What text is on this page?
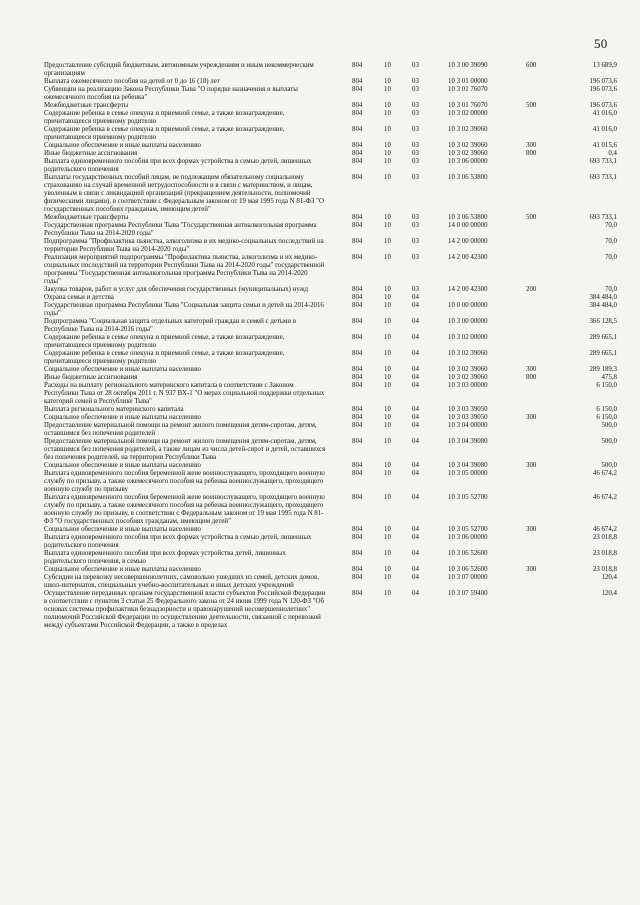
50
Предоставление субсидий бюджетным, автономным учреждениям и иным некоммерческим организациям
804	10	03	10 3 00 39090	600	13 689,9
Выплата ежемесячного пособия на детей от 0 до 16 (18) лет	804	10	03	10 3 01 00000	196 073,6
Субвенции на реализацию Закона Республики Тыва "О порядке назначения и выплаты ежемесячного пособия на ребенка"
804	10	03	10 3 01 76070	196 073,6
Межбюджетные трансферты	804	10	03	10 3 01 76070	500	196 073,6
Содержание ребенка в семье опекуна и приемной семье, а также вознаграждение, причитающееся приемному родителю
804	10	03	10 3 02 00000	41 016,0
Содержание ребенка в семье опекуна и приемной семье, а также вознаграждение, причитающееся приемному родителю
804	10	03	10 3 02 39060	41 016,0
Социальное обеспечение и иные выплаты населению	804	10	03	10 3 02 39060	300	41 015,6
Иные бюджетные ассигнования	804	10	03	10 3 02 39060	800	0,4
Выплата единовременного пособия при всех формах устройства в семью детей, лишенных родительского попечения
804	10	03	10 3 06 00000	693 733,1
Выплаты государственных пособий лицам, не подлежащим обязательному социальному страхованию на случай временной нетрудоспособности и в связи с материнством, и лицам, уволенным в связи с ликвидацией организаций (прекращением деятельности, полномочий физическими лицами), в соответствии с Федеральным законом от 19 мая 1995 года N 81-ФЗ "О государственных пособиях гражданам, имеющим детей"
804	10	03	10 3 06 53800	693 733,1
Межбюджетные трансферты	804	10	03	10 3 06 53800	500	693 733,1
Государственная программа Республики Тыва "Государственная антиалкогольная программа Республики Тыва на 2014-2020 годы"
804	10	03	14 0 00 00000	70,0
Подпрограмма "Профилактика пьянства, алкоголизма и их медико-социальных последствий на территории Республики Тыва на 2014-2020 годы"
804	10	03	14 2 00 00000	70,0
Реализация мероприятий подпрограммы "Профилактика пьянства, алкоголизма и их медико-социальных последствий на территории Республики Тыва на 2014-2020 годы" государственной программы "Государственная антиалкогольная программа Республики Тыва на 2014-2020 годы"
804	10	03	14 2 00 42300	70,0
Закупка товаров, работ и услуг для обеспечения государственных (муниципальных) нужд	804	10	03	14 2 00 42300	200	70,0
Охрана семьи и детства	804	10	04	384 484,0
Государственная программа Республики Тыва "Социальная защита семьи и детей на 2014-2016 годы"
804	10	04	10 0 00 00000	384 484,0
Подпрограмма "Социальная защита отдельных категорий граждан и семей с детьми в Республике Тыва на 2014-2016 годы"
804	10	04	10 3 00 00000	366 128,5
Содержание ребенка в семье опекуна и приемной семье, а также вознаграждение, причитающееся приемному родителю
804	10	04	10 3 02 00000	289 665,1
Содержание ребенка в семье опекуна и приемной семье, а также вознаграждение, причитающееся приемному родителю
804	10	04	10 3 02 39060	289 665,1
Социальное обеспечение и иные выплаты населению	804	10	04	10 3 02 39060	300	289 189,3
Иные бюджетные ассигнования	804	10	04	10 3 02 39060	800	475,8
Расходы на выплату регионального материнского капитала в соответствии с Законом Республики Тыва от 28 октября 2011 г. N 937 ВХ-1 "О мерах социальной поддержки отдельных категорий семей в Республике Тыва"
804	10	04	10 3 03 00000	6 150,0
Выплата регионального материнского капитала	804	10	04	10 3 03 39050	6 150,0
Социальное обеспечение и иные выплаты населению	804	10	04	10 3 03 39050	300	6 150,0
Предоставление материальной помощи на ремонт жилого помещения детям-сиротам, детям, оставшимся без попечения родителей
804	10	04	10 3 04 00000	500,0
Предоставление материальной помощи на ремонт жилого помещения детям-сиротам, детям, оставшимся без попечения родителей, а также лицам из числа детей-сирот и детей, оставшихся без попечения родителей, на территории Республики Тыва
804	10	04	10 3 04 39080	500,0
Социальное обеспечение и иные выплаты населению	804	10	04	10 3 04 39080	300	500,0
Выплата единовременного пособия беременной жене военнослужащего, проходящего военную службу по призыву, а также ежемесячного пособия на ребенка военнослужащего, проходящего военную службу по призыву
804	10	04	10 3 05 00000	46 674,2
Выплата единовременного пособия беременной жене военнослужащего, проходящего военную службу по призыву, а также ежемесячного пособия на ребенка военнослужащего, проходящего военную службу по призыву, в соответствии с Федеральным законом от 19 мая 1995 года N 81-ФЗ "О государственных пособиях гражданам, имеющим детей"
804	10	04	10 3 05 52700	46 674,2
Социальное обеспечение и иные выплаты населению	804	10	04	10 3 05 52700	300	46 674,2
Выплата единовременного пособия при всех формах устройства в семью детей, лишенных родительского попечения
804	10	04	10 3 06 00000	23 018,8
Выплата единовременного пособия при всех формах устройства детей, лишенных родительского попечения, в семью
804	10	04	10 3 06 52600	23 018,8
Социальное обеспечение и иные выплаты населению	804	10	04	10 3 06 52600	300	23 018,8
Субсидии на перевозку несовершеннолетних, самовольно ушедших из семей, детских домов, школ-интернатов, специальных учебно-воспитательных и иных детских учреждений
804	10	04	10 3 07 00000	120,4
Осуществление переданных органам государственной власти субъектов Российской Федерации в соответствии с пунктом 3 статьи 25 Федерального закона от 24 июня 1999 года N 120-ФЗ "Об основах системы профилактики безнадзорности и правонарушений несовершеннолетних" полномочий Российской Федерации по осуществлению деятельности, связанной с перевозкой между субъектами Российской Федерации, а также в пределах
804	10	04	10 3 07 59400	120,4
